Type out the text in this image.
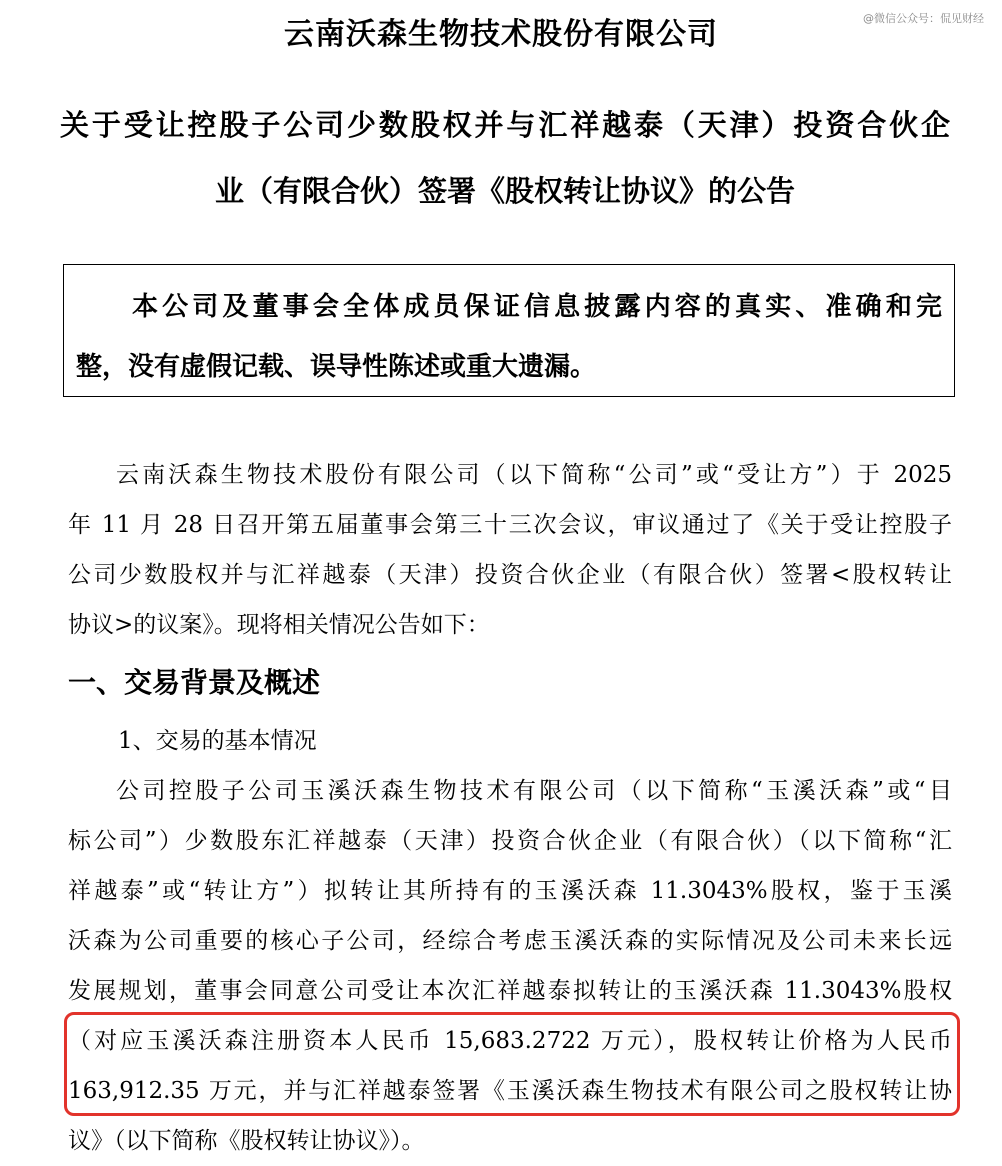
@微信公众号：侃见财经
云南沃森生物技术股份有限公司
关于受让控股子公司少数股权并与汇祥越泰（天津）投资合伙企
业（有限合伙）签署《股权转让协议》的公告
本公司及董事会全体成员保证信息披露内容的真实、准确和完
整，没有虚假记载、误导性陈述或重大遗漏。
云南沃森生物技术股份有限公司（以下简称“公司”或“受让方”）于 2025
年 11 月 28 日召开第五届董事会第三十三次会议，审议通过了《关于受让控股子
公司少数股权并与汇祥越泰（天津）投资合伙企业（有限合伙）签署<股权转让
协议>的议案》。现将相关情况公告如下：
一、交易背景及概述
1、交易的基本情况
公司控股子公司玉溪沃森生物技术有限公司（以下简称“玉溪沃森”或“目
标公司”）少数股东汇祥越泰（天津）投资合伙企业（有限合伙）（以下简称“汇
祥越泰”或“转让方”）拟转让其所持有的玉溪沃森 11.3043%股权，鉴于玉溪
沃森为公司重要的核心子公司，经综合考虑玉溪沃森的实际情况及公司未来长远
发展规划，董事会同意公司受让本次汇祥越泰拟转让的玉溪沃森 11.3043%股权
（对应玉溪沃森注册资本人民币 15,683.2722 万元），股权转让价格为人民币
163,912.35 万元，并与汇祥越泰签署《玉溪沃森生物技术有限公司之股权转让协
议》（以下简称《股权转让协议》）。
